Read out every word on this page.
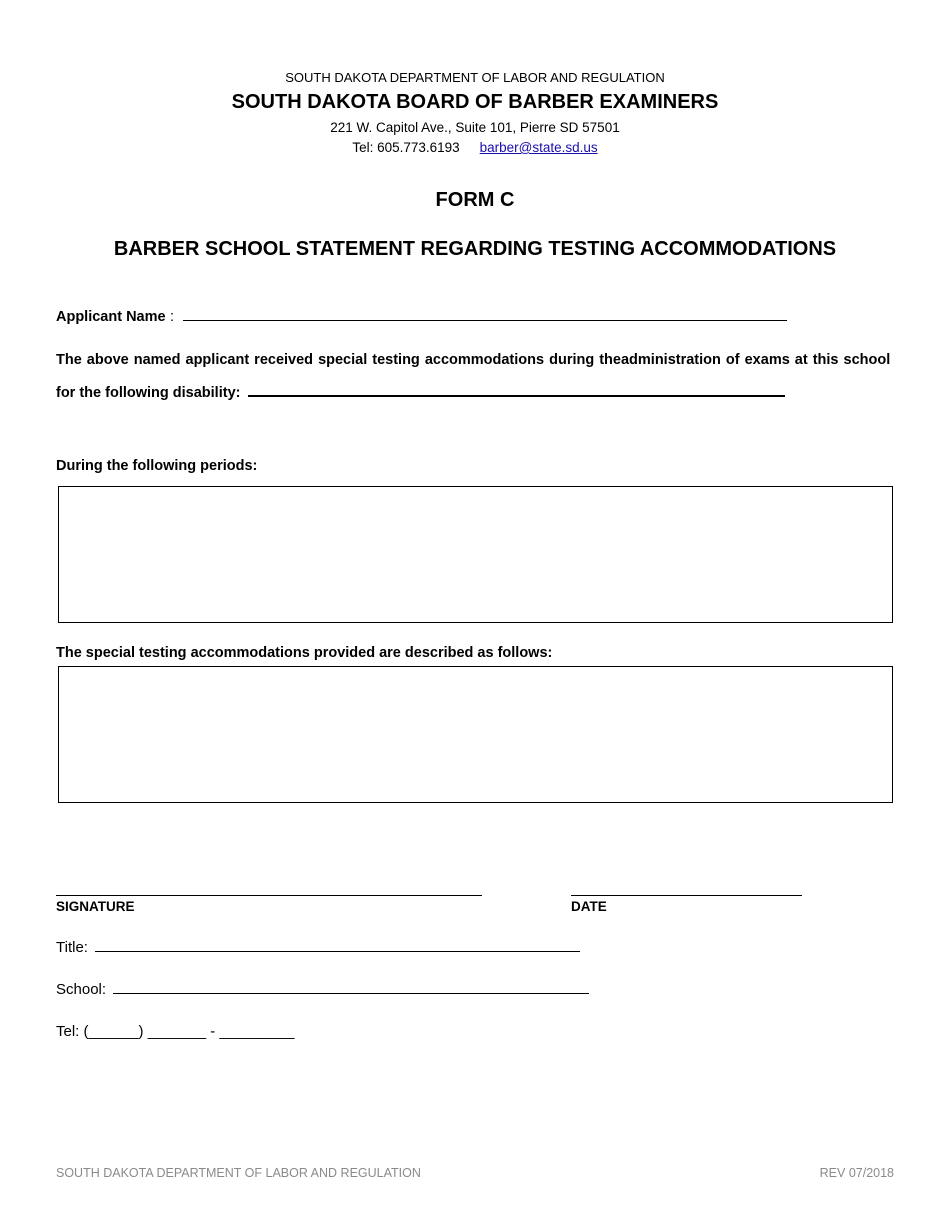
SOUTH DAKOTA DEPARTMENT OF LABOR AND REGULATION
SOUTH DAKOTA BOARD OF BARBER EXAMINERS
221 W. Capitol Ave., Suite 101, Pierre SD 57501
Tel: 605.773.6193 barber@state.sd.us
FORM C
BARBER SCHOOL STATEMENT REGARDING TESTING ACCOMMODATIONS
Applicant Name :
The above named applicant received special testing accommodations during theadministration of exams at this school
for the following disability:
During the following periods:
The special testing accommodations provided are described as follows:
SIGNATURE	DATE
Title:
School:
Tel: (______) _______ - _________
SOUTH DAKOTA DEPARTMENT OF LABOR AND REGULATION	REV 07/2018
